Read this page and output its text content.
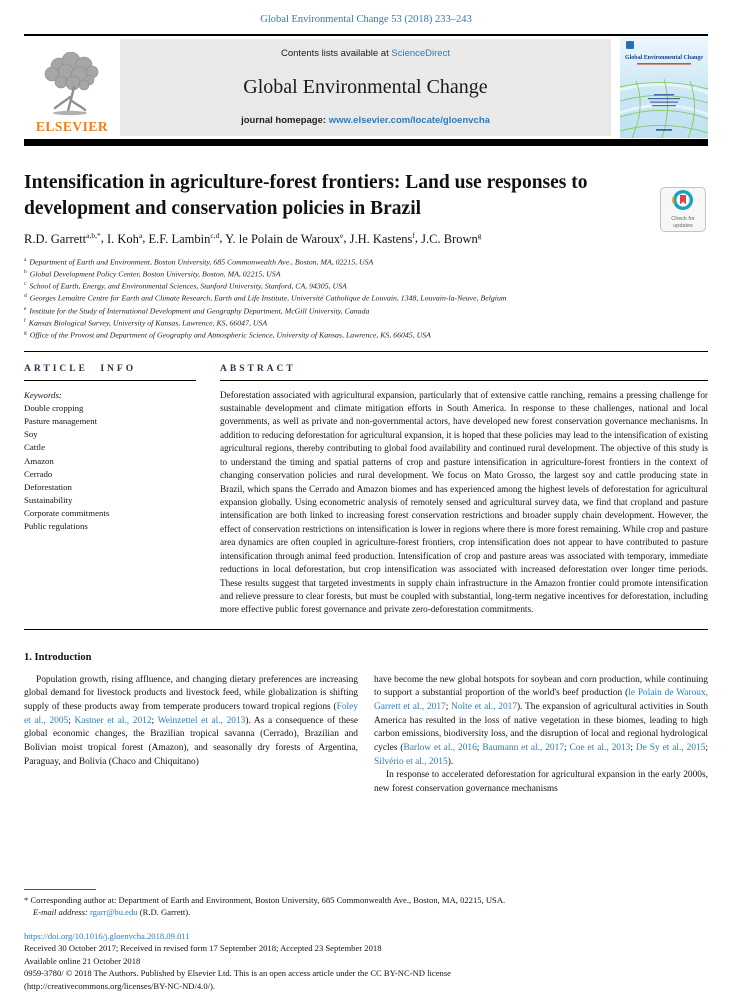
Global Environmental Change 53 (2018) 233–243
ELSEVIER
Contents lists available at ScienceDirect
Global Environmental Change
journal homepage: www.elsevier.com/locate/gloenvcha
Global Environmental Change
Intensification in agriculture-forest frontiers: Land use responses to development and conservation policies in Brazil
Check for
updates
R.D. Garrett$^{a,b,*}$, I. Koh$^a$, E.F. Lambin$^{c,d}$, Y. le Polain de Waroux$^e$, J.H. Kastens$^f$, J.C. Brown$^g$
$^a$ Department of Earth and Environment, Boston University, 685 Commonwealth Ave., Boston, MA, 02215, USA
$^b$ Global Development Policy Center, Boston University, Boston, MA, 02215, USA
$^c$ School of Earth, Energy, and Environmental Sciences, Stanford University, Stanford, CA, 94305, USA
$^d$ Georges Lemaître Centre for Earth and Climate Research, Earth and Life Institute, Université Catholique de Louvain, 1348, Louvain-la-Neuve, Belgium
$^e$ Institute for the Study of International Development and Geography Department, McGill University, Canada
$^f$ Kansas Biological Survey, University of Kansas, Lawrence, KS, 66047, USA
$^g$ Office of the Provost and Department of Geography and Atmospheric Science, University of Kansas, Lawrence, KS, 66045, USA
ARTICLE INFO
Keywords:
Double cropping
Pasture management
Soy
Cattle
Amazon
Cerrado
Deforestation
Sustainability
Corporate commitments
Public regulations
ABSTRACT
Deforestation associated with agricultural expansion, particularly that of extensive cattle ranching, remains a pressing challenge for sustainable development and climate mitigation efforts in South America. In response to these challenges, national and local governments, as well as private and non-governmental actors, have developed new forest conservation governance mechanisms. In addition to reducing deforestation for agricultural expansion, it is hoped that these policies may lead to the intensification of existing agricultural regions, thereby contributing to global food availability and continued rural development. The objective of this study is to understand the timing and spatial patterns of crop and pasture intensification in agriculture-forest frontiers in the context of changing conservation policies and rural development. We focus on Mato Grosso, the largest soy and cattle producing state in Brazil, which spans the Cerrado and Amazon biomes and has experienced among the highest levels of deforestation for agricultural expansion globally. Using econometric analysis of remotely sensed and agricultural survey data, we find that cropland and pasture intensification are both linked to increasing forest conservation restrictions and broader supply chain development. However, the effect of conservation restrictions on intensification is lower in regions where there is more forest remaining. While crop and pasture area dynamics are often coupled in agriculture-forest frontiers, crop intensification does not appear to have contributed to pasture intensification through animal feed production. Intensification of crop and pasture areas was associated with temporary, immediate reductions in local deforestation, but crop intensification was associated with increased deforestation over longer time periods. These results suggest that targeted investments in supply chain infrastructure in the Amazon frontier could promote intensification and relieve pressure to clear forests, but must be coupled with substantial, long-term negative incentives for deforestation, including more effective public forest governance and private zero-deforestation commitments.
1. Introduction

Population growth, rising affluence, and changing dietary preferences are increasing global demand for livestock products and livestock feed, while globalization is shifting supply of these products away from temperate producers toward tropical regions (Foley et al., 2005; Kastner et al., 2012; Weinzettel et al., 2013). As a consequence of these global economic changes, the Brazilian tropical savanna (Cerrado), Brazilian and Bolivian moist tropical forest (Amazon), and seasonally dry forests of Argentina, Paraguay, and Bolivia (Chaco and Chiquitano)

have become the new global hotspots for soybean and corn production, while continuing to support a substantial proportion of the world's beef production (le Polain de Waroux, Garrett et al., 2017; Nolte et al., 2017). The expansion of agricultural activities in South America has resulted in the loss of native vegetation in these biomes, leading to high carbon emissions, biodiversity loss, and the disruption of local and regional hydrological cycles (Barlow et al., 2016; Baumann et al., 2017; Coe et al., 2013; De Sy et al., 2015; Silvério et al., 2015).

In response to accelerated deforestation for agricultural expansion in the early 2000s, new forest conservation governance mechanisms

* Corresponding author at: Department of Earth and Environment, Boston University, 685 Commonwealth Ave., Boston, MA, 02215, USA.
E-mail address: rgarr@bu.edu (R.D. Garrett).
https://doi.org/10.1016/j.gloenvcha.2018.09.011
Received 30 October 2017; Received in revised form 17 September 2018; Accepted 23 September 2018
Available online 21 October 2018
0959-3780/ © 2018 The Authors. Published by Elsevier Ltd. This is an open access article under the CC BY-NC-ND license
(http://creativecommons.org/licenses/BY-NC-ND/4.0/).
